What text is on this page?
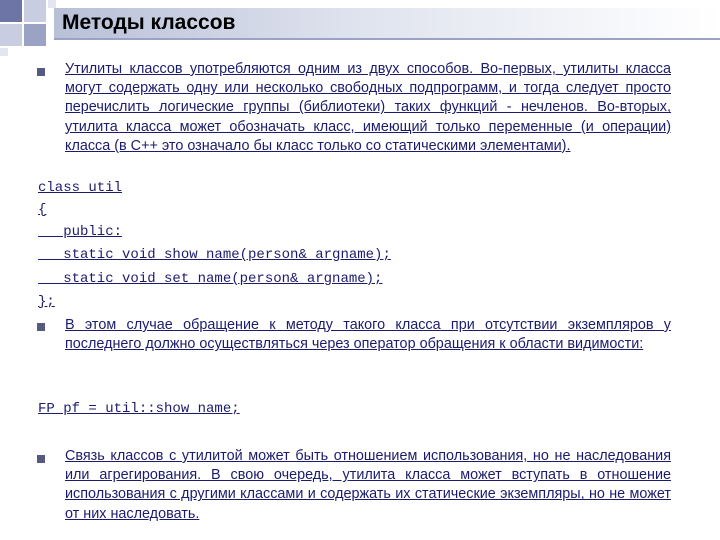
Методы классов
Утилиты классов употребляются одним из двух способов. Во-первых, утилиты класса могут содержать одну или несколько свободных подпрограмм, и тогда следует просто перечислить логические группы (библиотеки) таких функций - нечленов. Во-вторых, утилита класса может обозначать класс, имеющий только переменные (и операции) класса (в C++ это означало бы класс только со статическими элементами).
class util
{
public:
static void show_name(person& argname);
static void set_name(person& argname);
};
В этом случае обращение к методу такого класса при отсутствии экземпляров у последнего должно осуществляться через оператор обращения к области видимости:
FP pf = util::show_name;
Связь классов с утилитой может быть отношением использования, но не наследования или агрегирования. В свою очередь, утилита класса может вступать в отношение использования с другими классами и содержать их статические экземпляры, но не может от них наследовать.
